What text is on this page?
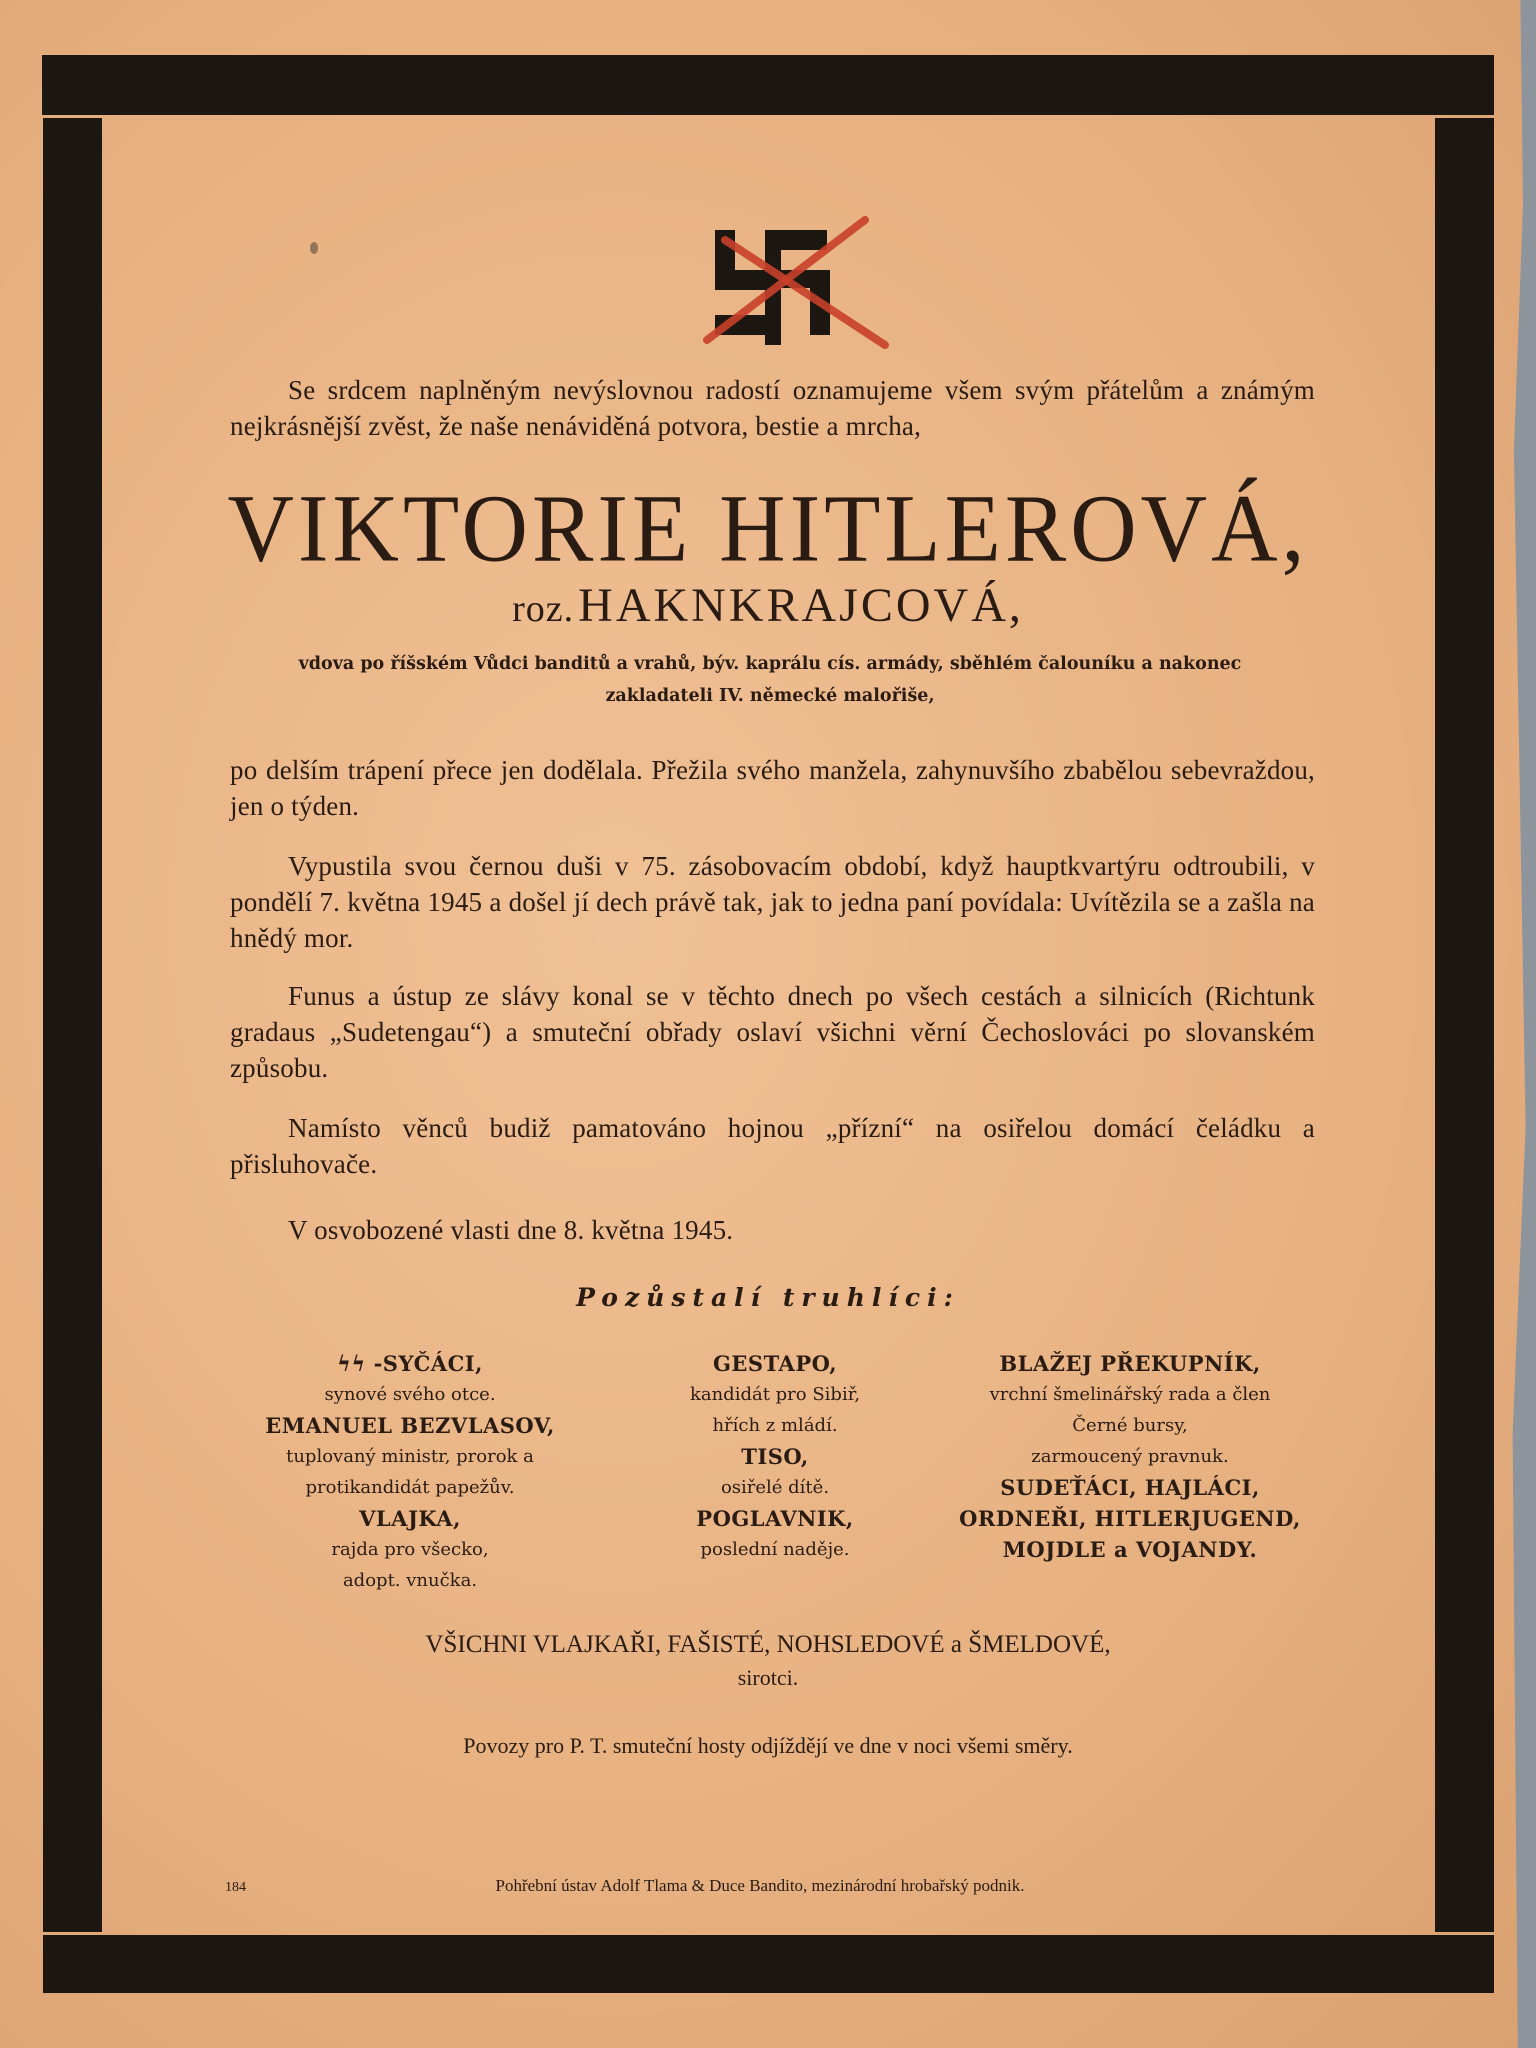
Se srdcem naplněným nevýslovnou radostí oznamujeme všem svým přátelům a známým nejkrásnější zvěst, že naše nenáviděná potvora, bestie a mrcha,
VIKTORIE HITLEROVÁ,
roz. HAKNKRAJCOVÁ,
vdova po říšském Vůdci banditů a vrahů, býv. kaprálu cís. armády, sběhlém čalouníku a nakonec
zakladateli IV. německé malořiše,
po delším trápení přece jen dodělala. Přežila svého manžela, zahynuvšího zbabělou sebevraždou, jen o týden.
Vypustila svou černou duši v 75. zásobovacím období, když hauptkvartýru odtroubili, v pondělí 7. května 1945 a došel jí dech právě tak, jak to jedna paní povídala: Uvítězila se a zašla na hnědý mor.
Funus a ústup ze slávy konal se v těchto dnech po všech cestách a silnicích (Richtunk gradaus „Sudetengau“) a smuteční obřady oslaví všichni věrní Čechoslováci po slovanském způsobu.
Namísto věnců budiž pamatováno hojnou „přízní“ na osiřelou domácí čeládku a přisluhovače.
V osvobozené vlasti dne 8. května 1945.
Pozůstalí truhlíci:
ϟϟ -SYČÁCI,
synové svého otce.
EMANUEL BEZVLASOV,
tuplovaný ministr, prorok a
protikandidát papežův.
VLAJKA,
rajda pro všecko,
adopt. vnučka.
GESTAPO,
kandidát pro Sibiř,
hřích z mládí.
TISO,
osiřelé dítě.
POGLAVNIK,
poslední naděje.
BLAŽEJ PŘEKUPNÍK,
vrchní šmelinářský rada a člen
Černé bursy,
zarmoucený pravnuk.
SUDEŤÁCI, HAJLÁCI,
ORDNEŘI, HITLERJUGEND,
MOJDLE a VOJANDY.
VŠICHNI VLAJKAŘI, FAŠISTÉ, NOHSLEDOVÉ a ŠMELDOVÉ,
sirotci.
Povozy pro P. T. smuteční hosty odjíždějí ve dne v noci všemi směry.
184	Pohřební ústav Adolf Tlama & Duce Bandito, mezinárodní hrobařský podnik.
